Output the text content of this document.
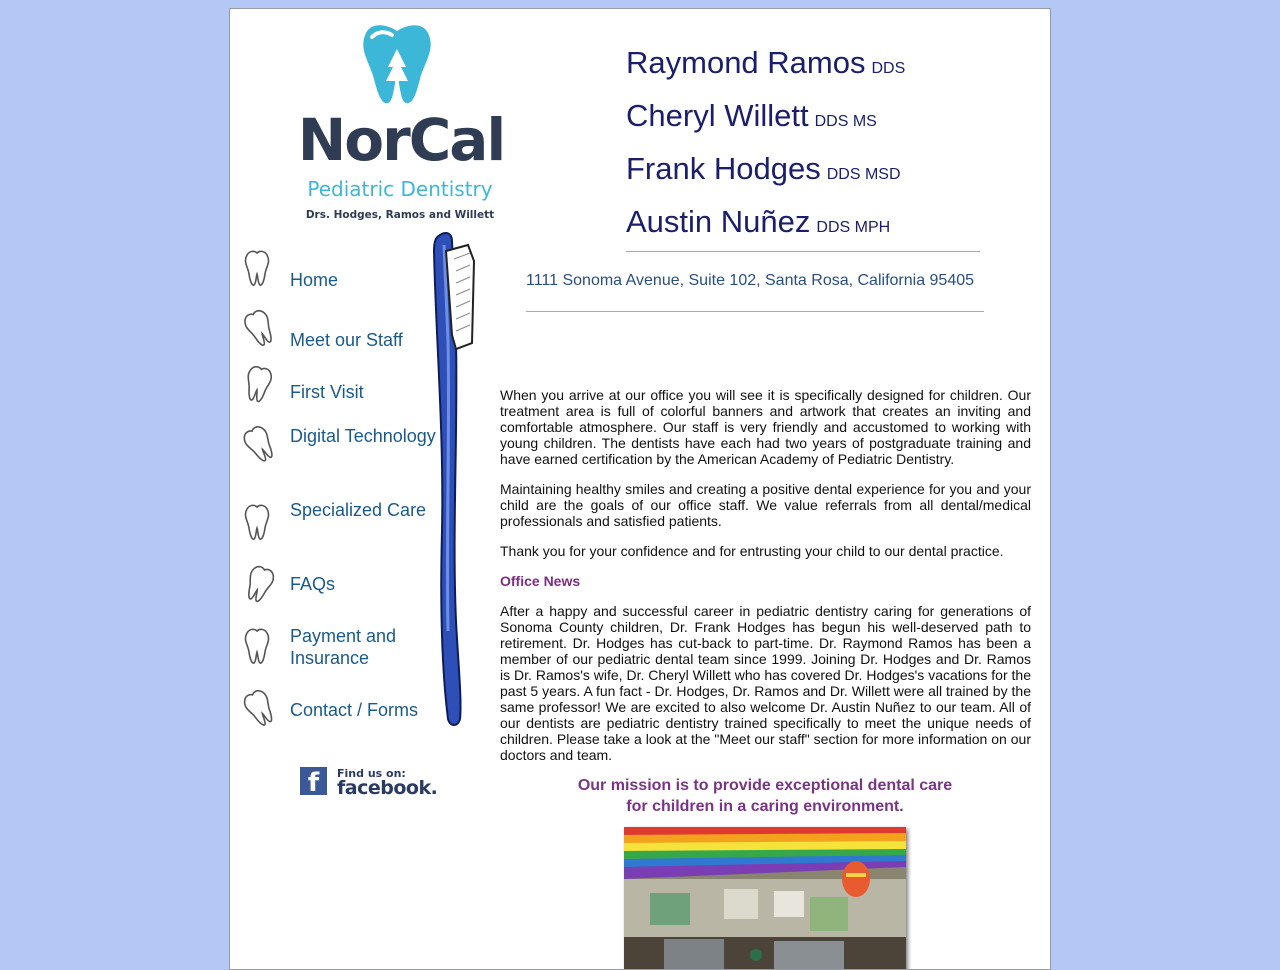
NorCal
Pediatric Dentistry
Drs. Hodges, Ramos and Willett
Raymond Ramos DDS
Cheryl Willett DDS MS
Frank Hodges DDS MSD
Austin Nuñez DDS MPH
1111 Sonoma Avenue, Suite 102, Santa Rosa, California 95405
Home
Meet our Staff
First Visit
Digital Technology
Specialized Care
FAQs
Payment and Insurance
Contact / Forms
f	Find us on:
facebook.

When you arrive at our office you will see it is specifically designed for children. Our treatment area is full of colorful banners and artwork that creates an inviting and comfortable atmosphere. Our staff is very friendly and accustomed to working with young children. The dentists have each had two years of postgraduate training and have earned certification by the American Academy of Pediatric Dentistry.

Maintaining healthy smiles and creating a positive dental experience for you and your child are the goals of our office staff. We value referrals from all dental/medical professionals and satisfied patients.

Thank you for your confidence and for entrusting your child to our dental practice.

Office News

After a happy and successful career in pediatric dentistry caring for generations of Sonoma County children, Dr. Frank Hodges has begun his well-deserved path to retirement. Dr. Hodges has cut-back to part-time. Dr. Raymond Ramos has been a member of our pediatric dental team since 1999. Joining Dr. Hodges and Dr. Ramos is Dr. Ramos's wife, Dr. Cheryl Willett who has covered Dr. Hodges's vacations for the past 5 years. A fun fact - Dr. Hodges, Dr. Ramos and Dr. Willett were all trained by the same professor! We are excited to also welcome Dr. Austin Nuñez to our team. All of our dentists are pediatric dentistry trained specifically to meet the unique needs of children. Please take a look at the "Meet our staff" section for more information on our doctors and team.

Our mission is to provide exceptional dental care
for children in a caring environment.
